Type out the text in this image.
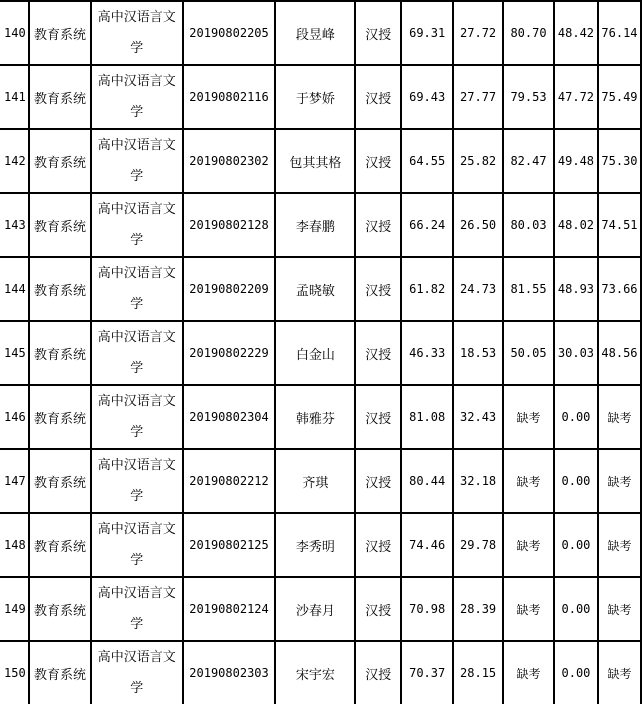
140	教育系统	高中汉语言文学	20190802205	段昱峰	汉授	69.31	27.72	80.70	48.42	76.14
141	教育系统	高中汉语言文学	20190802116	于梦娇	汉授	69.43	27.77	79.53	47.72	75.49
142	教育系统	高中汉语言文学	20190802302	包其其格	汉授	64.55	25.82	82.47	49.48	75.30
143	教育系统	高中汉语言文学	20190802128	李春鹏	汉授	66.24	26.50	80.03	48.02	74.51
144	教育系统	高中汉语言文学	20190802209	孟晓敏	汉授	61.82	24.73	81.55	48.93	73.66
145	教育系统	高中汉语言文学	20190802229	白金山	汉授	46.33	18.53	50.05	30.03	48.56
146	教育系统	高中汉语言文学	20190802304	韩雅芬	汉授	81.08	32.43	缺考	0.00	缺考
147	教育系统	高中汉语言文学	20190802212	齐琪	汉授	80.44	32.18	缺考	0.00	缺考
148	教育系统	高中汉语言文学	20190802125	李秀明	汉授	74.46	29.78	缺考	0.00	缺考
149	教育系统	高中汉语言文学	20190802124	沙春月	汉授	70.98	28.39	缺考	0.00	缺考
150	教育系统	高中汉语言文学	20190802303	宋宇宏	汉授	70.37	28.15	缺考	0.00	缺考
